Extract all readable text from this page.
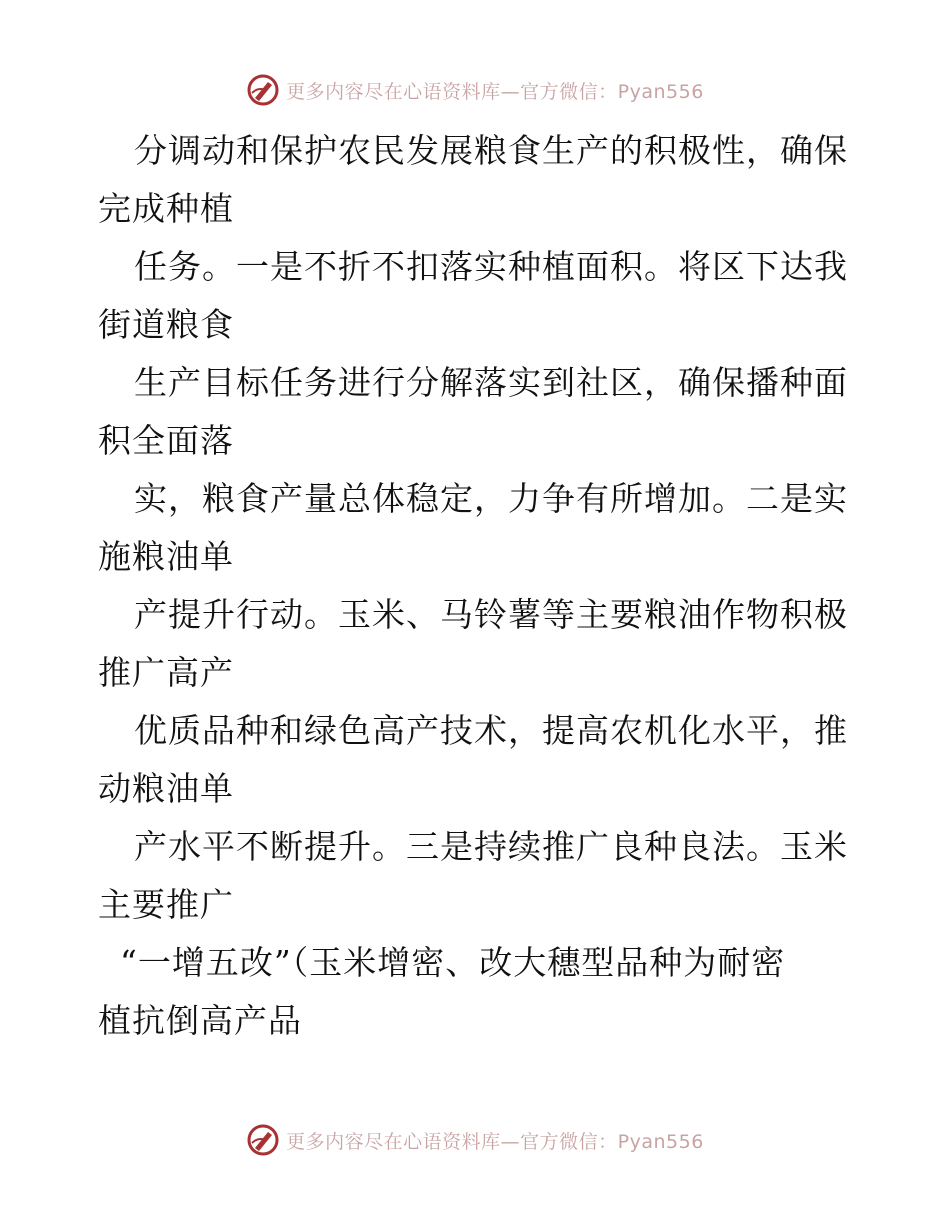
更多内容尽在心语资料库—官方微信：Pyan556

分调动和保护农民发展粮食生产的积极性，确保
完成种植

任务。一是不折不扣落实种植面积。将区下达我
街道粮食

生产目标任务进行分解落实到社区，确保播种面
积全面落

实，粮食产量总体稳定，力争有所增加。二是实
施粮油单

产提升行动。玉米、马铃薯等主要粮油作物积极
推广高产

优质品种和绿色高产技术，提高农机化水平，推
动粮油单

产水平不断提升。三是持续推广良种良法。玉米
主要推广

“一增五改”（玉米增密、改大穗型品种为耐密
植抗倒高产品

更多内容尽在心语资料库—官方微信：Pyan556
